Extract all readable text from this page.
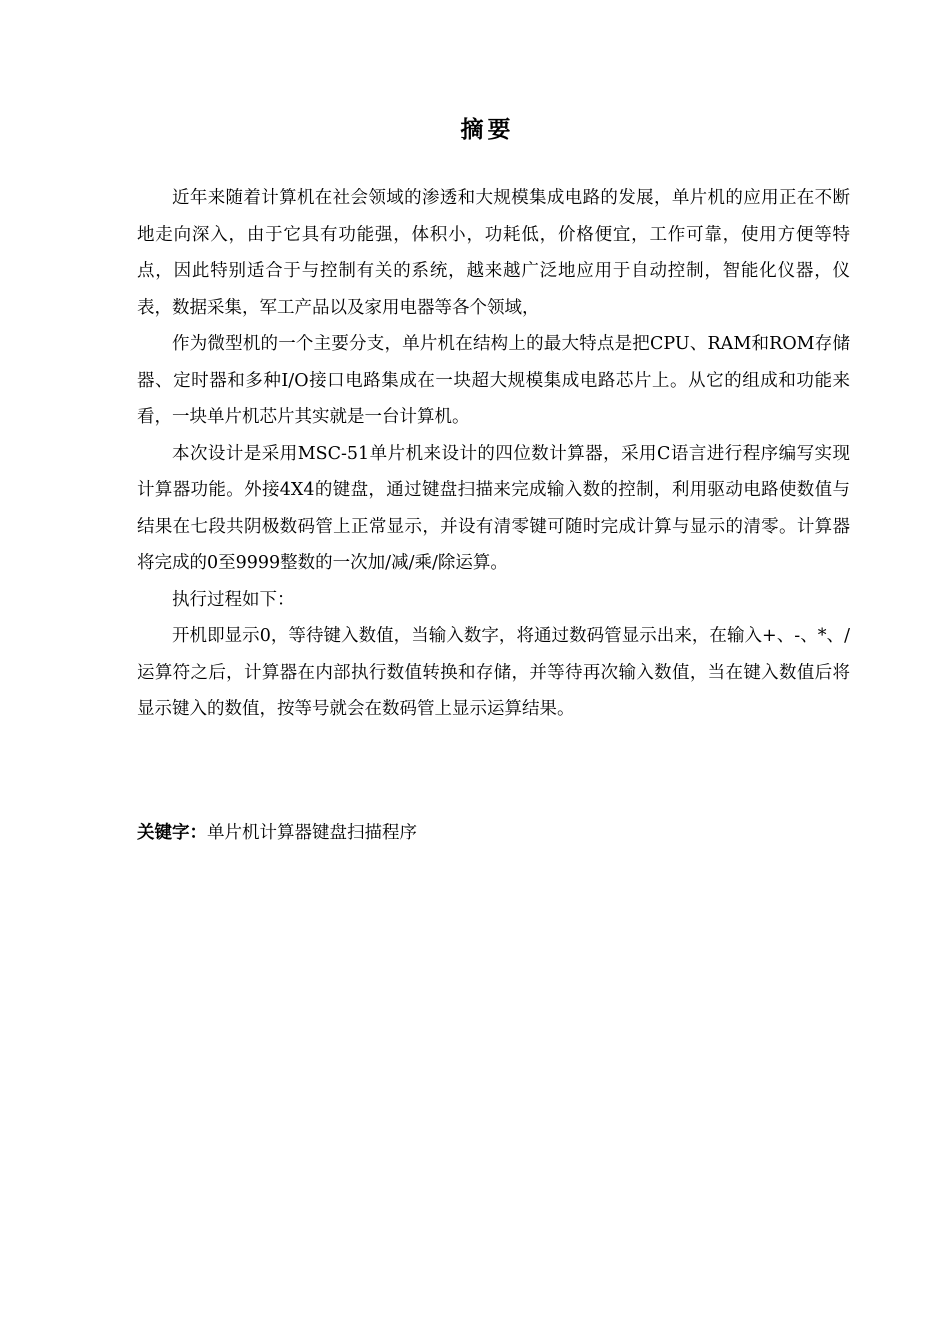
摘要

近年来随着计算机在社会领域的渗透和大规模集成电路的发展，单片机的应用正在不断地走向深入，由于它具有功能强，体积小，功耗低，价格便宜，工作可靠，使用方便等特点，因此特别适合于与控制有关的系统，越来越广泛地应用于自动控制，智能化仪器，仪表，数据采集，军工产品以及家用电器等各个领域，

作为微型机的一个主要分支，单片机在结构上的最大特点是把CPU、RAM和ROM存储器、定时器和多种I/O接口电路集成在一块超大规模集成电路芯片上。从它的组成和功能来看，一块单片机芯片其实就是一台计算机。

本次设计是采用MSC-51单片机来设计的四位数计算器，采用C语言进行程序编写实现计算器功能。外接4X4的键盘，通过键盘扫描来完成输入数的控制，利用驱动电路使数值与结果在七段共阴极数码管上正常显示，并设有清零键可随时完成计算与显示的清零。计算器将完成的0至9999整数的一次加/减/乘/除运算。

执行过程如下：

开机即显示0，等待键入数值，当输入数字，将通过数码管显示出来，在输入+、-、*、/运算符之后，计算器在内部执行数值转换和存储，并等待再次输入数值，当在键入数值后将显示键入的数值，按等号就会在数码管上显示运算结果。

关键字：单片机计算器键盘扫描程序
